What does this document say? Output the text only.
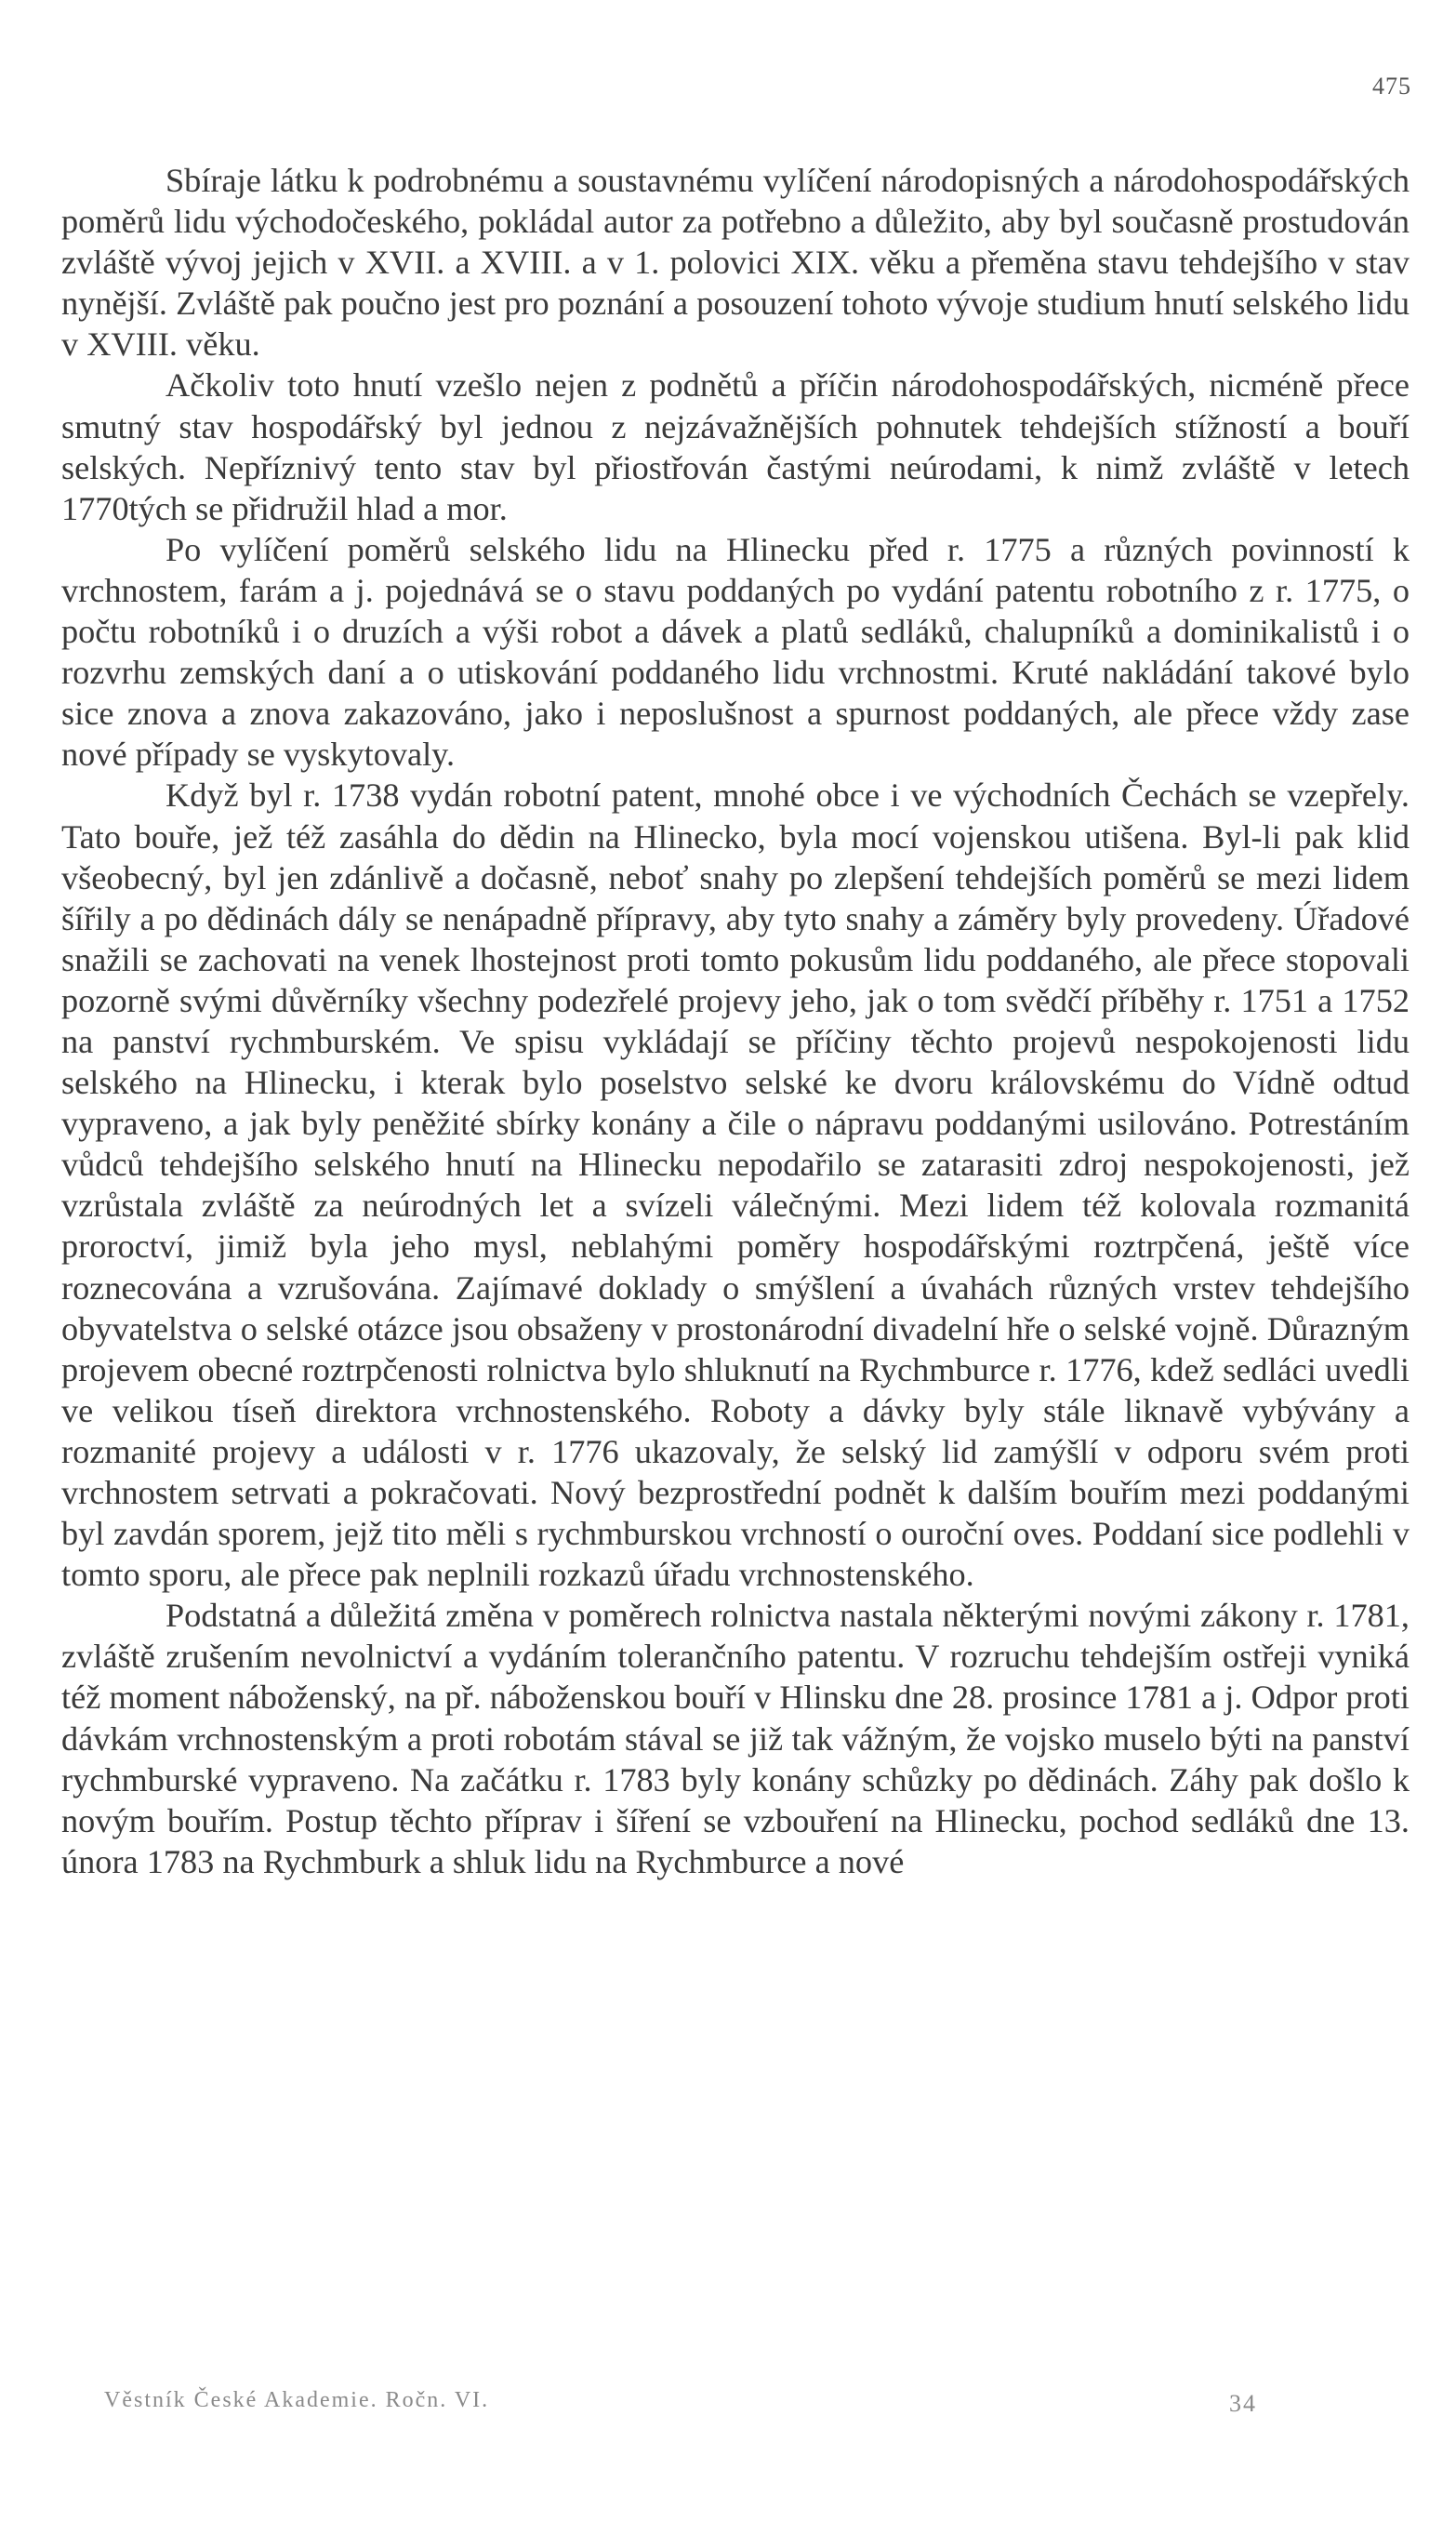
475

Sbíraje látku k podrobnému a soustavnému vylíčení národopisných a národohospodářských poměrů lidu východočeského, pokládal autor za potřebno a důležito, aby byl současně prostudován zvláště vývoj jejich v XVII. a XVIII. a v 1. polovici XIX. věku a přeměna stavu tehdejšího v stav nynější. Zvláště pak poučno jest pro poznání a posouzení tohoto vývoje studium hnutí selského lidu v XVIII. věku.

Ačkoliv toto hnutí vzešlo nejen z podnětů a příčin národohospodářských, nicméně přece smutný stav hospodářský byl jednou z nejzávažnějších pohnutek tehdejších stížností a bouří selských. Nepříznivý tento stav byl přiostřován častými neúrodami, k nimž zvláště v letech 1770tých se přidružil hlad a mor.

Po vylíčení poměrů selského lidu na Hlinecku před r. 1775 a různých povinností k vrchnostem, farám a j. pojednává se o stavu poddaných po vydání patentu robotního z r. 1775, o počtu robotníků i o druzích a výši robot a dávek a platů sedláků, chalupníků a dominikalistů i o rozvrhu zemských daní a o utiskování poddaného lidu vrchnostmi. Kruté nakládání takové bylo sice znova a znova zakazováno, jako i neposlušnost a spurnost poddaných, ale přece vždy zase nové případy se vyskytovaly.

Když byl r. 1738 vydán robotní patent, mnohé obce i ve východních Čechách se vzepřely. Tato bouře, jež též zasáhla do dědin na Hlinecko, byla mocí vojenskou utišena. Byl-li pak klid všeobecný, byl jen zdánlivě a dočasně, neboť snahy po zlepšení tehdejších poměrů se mezi lidem šířily a po dědinách dály se nenápadně přípravy, aby tyto snahy a záměry byly provedeny. Úřadové snažili se zachovati na venek lhostejnost proti tomto pokusům lidu poddaného, ale přece stopovali pozorně svými důvěrníky všechny podezřelé projevy jeho, jak o tom svědčí příběhy r. 1751 a 1752 na panství rychmburském. Ve spisu vykládají se příčiny těchto projevů nespokojenosti lidu selského na Hlinecku, i kterak bylo poselstvo selské ke dvoru královskému do Vídně odtud vypraveno, a jak byly peněžité sbírky konány a čile o nápravu poddanými usilováno. Potrestáním vůdců tehdejšího selského hnutí na Hlinecku nepodařilo se zatarasiti zdroj nespokojenosti, jež vzrůstala zvláště za neúrodných let a svízeli válečnými. Mezi lidem též kolovala rozmanitá proroctví, jimiž byla jeho mysl, neblahými poměry hospodářskými roztrpčená, ještě více roznecována a vzrušována. Zajímavé doklady o smýšlení a úvahách různých vrstev tehdejšího obyvatelstva o selské otázce jsou obsaženy v prostonárodní divadelní hře o selské vojně. Důrazným projevem obecné roztrpčenosti rolnictva bylo shluknutí na Rychmburce r. 1776, kdež sedláci uvedli ve velikou tíseň direktora vrchnostenského. Roboty a dávky byly stále liknavě vybývány a rozmanité projevy a události v r. 1776 ukazovaly, že selský lid zamýšlí v odporu svém proti vrchnostem setrvati a pokračovati. Nový bezprostřední podnět k dalším bouřím mezi poddanými byl zavdán sporem, jejž tito měli s rychmburskou vrchností o ouroční oves. Poddaní sice podlehli v tomto sporu, ale přece pak neplnili rozkazů úřadu vrchnostenského.

Podstatná a důležitá změna v poměrech rolnictva nastala některými novými zákony r. 1781, zvláště zrušením nevolnictví a vydáním tolerančního patentu. V rozruchu tehdejším ostřeji vyniká též moment náboženský, na př. náboženskou bouří v Hlinsku dne 28. prosince 1781 a j. Odpor proti dávkám vrchnostenským a proti robotám stával se již tak vážným, že vojsko muselo býti na panství rychmburské vypraveno. Na začátku r. 1783 byly konány schůzky po dědinách. Záhy pak došlo k novým bouřím. Postup těchto příprav i šíření se vzbouření na Hlinecku, pochod sedláků dne 13. února 1783 na Rychmburk a shluk lidu na Rychmburce a nové

Věstník České Akademie. Ročn. VI.	34
